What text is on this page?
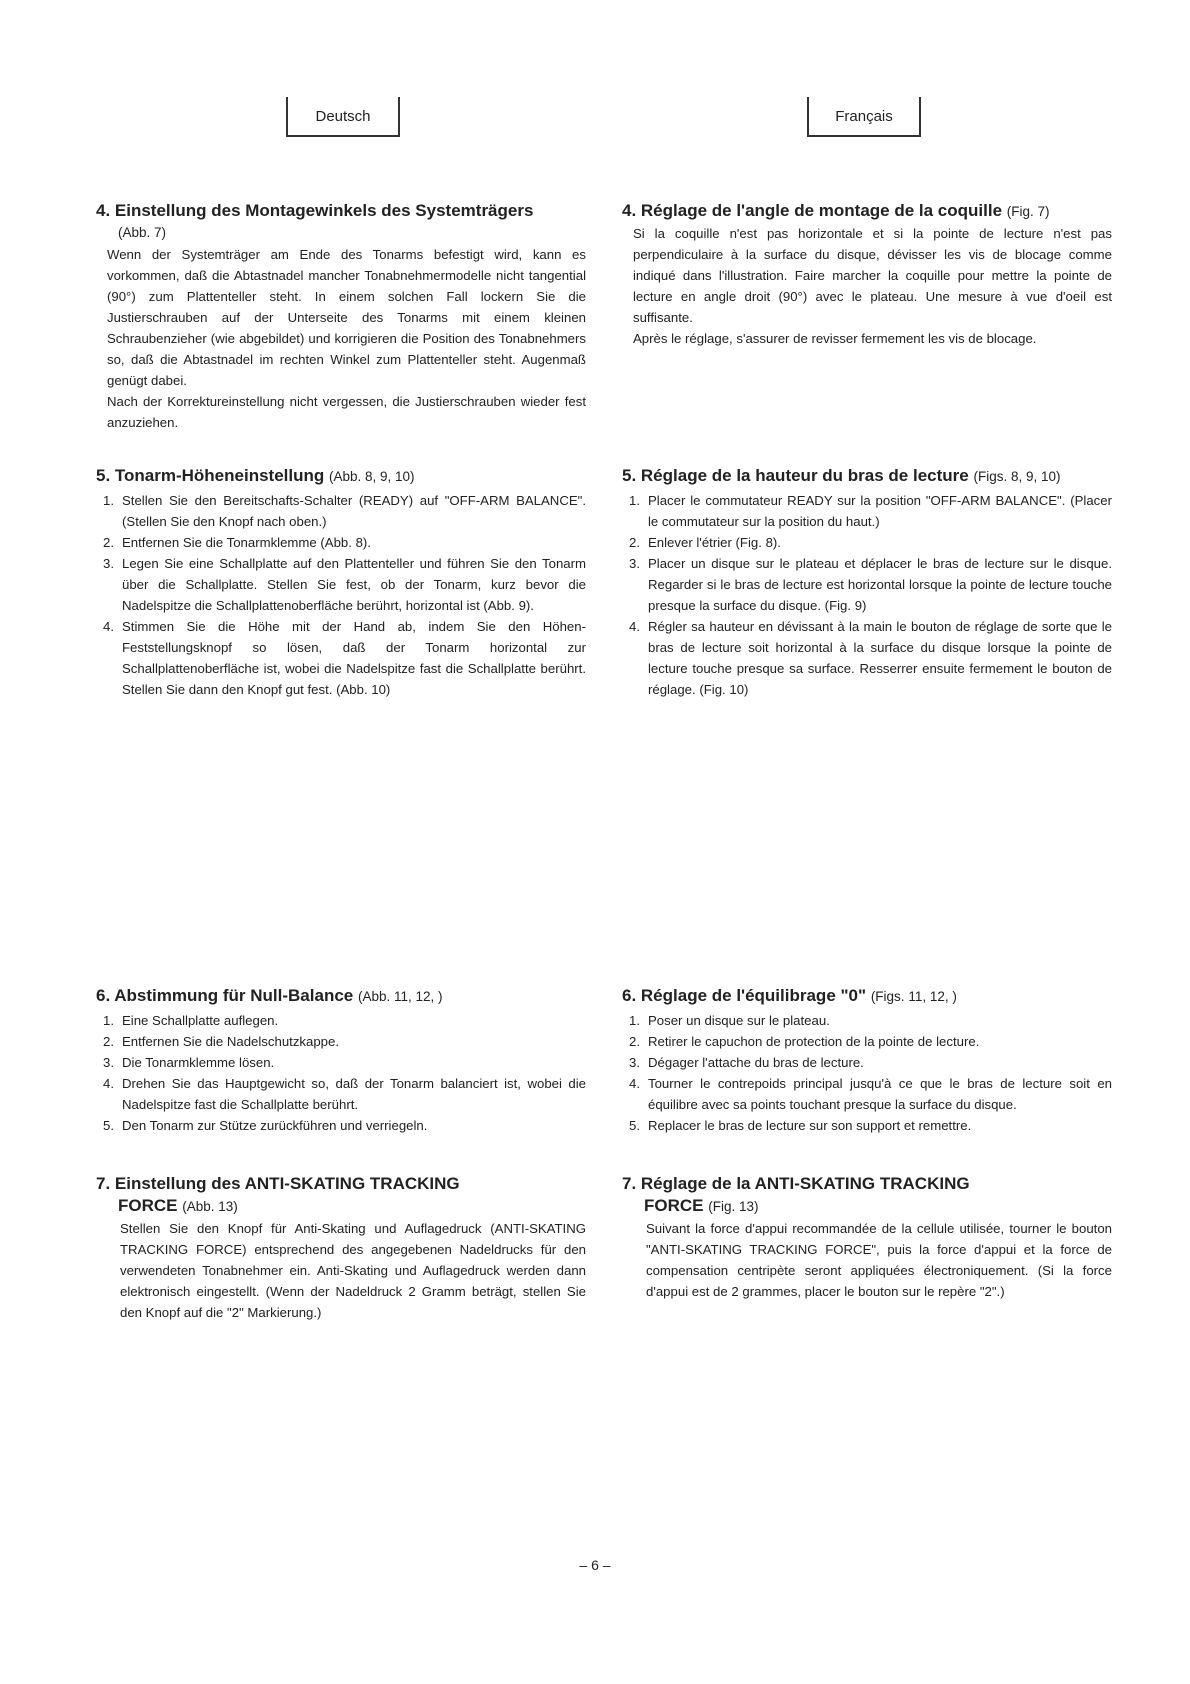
Deutsch	Français
4. Einstellung des Montagewinkels des Systemträgers
(Abb. 7)

Wenn der Systemträger am Ende des Tonarms befestigt wird, kann es vorkommen, daß die Abtastnadel mancher Tonabnehmermodelle nicht tangential (90°) zum Plattenteller steht. In einem solchen Fall lockern Sie die Justierschrauben auf der Unterseite des Tonarms mit einem kleinen Schraubenzieher (wie abgebildet) und korrigieren die Position des Tonabnehmers so, daß die Abtastnadel im rechten Winkel zum Plattenteller steht. Augenmaß genügt dabei.

Nach der Korrektureinstellung nicht vergessen, die Justierschrauben wieder fest anzuziehen.

5. Tonarm-Höheneinstellung (Abb. 8, 9, 10)
1. Stellen Sie den Bereitschafts-Schalter (READY) auf "OFF-ARM BALANCE". (Stellen Sie den Knopf nach oben.)
2. Entfernen Sie die Tonarmklemme (Abb. 8).
3. Legen Sie eine Schallplatte auf den Plattenteller und führen Sie den Tonarm über die Schallplatte. Stellen Sie fest, ob der Tonarm, kurz bevor die Nadelspitze die Schallplattenoberfläche berührt, horizontal ist (Abb. 9).
4. Stimmen Sie die Höhe mit der Hand ab, indem Sie den Höhen-Feststellungsknopf so lösen, daß der Tonarm horizontal zur Schallplattenoberfläche ist, wobei die Nadelspitze fast die Schallplatte berührt. Stellen Sie dann den Knopf gut fest. (Abb. 10)
6. Abstimmung für Null-Balance (Abb. 11, 12, )
1. Eine Schallplatte auflegen.
2. Entfernen Sie die Nadelschutzkappe.
3. Die Tonarmklemme lösen.
4. Drehen Sie das Hauptgewicht so, daß der Tonarm balanciert ist, wobei die Nadelspitze fast die Schallplatte berührt.
5. Den Tonarm zur Stütze zurückführen und verriegeln.
7. Einstellung des ANTI-SKATING TRACKING
FORCE (Abb. 13)

Stellen Sie den Knopf für Anti-Skating und Auflagedruck (ANTI-SKATING TRACKING FORCE) entsprechend des angegebenen Nadeldrucks für den verwendeten Tonabnehmer ein. Anti-Skating und Auflagedruck werden dann elektronisch eingestellt. (Wenn der Nadeldruck 2 Gramm beträgt, stellen Sie den Knopf auf die "2" Markierung.)

4. Réglage de l'angle de montage de la coquille (Fig. 7)

Si la coquille n'est pas horizontale et si la pointe de lecture n'est pas perpendiculaire à la surface du disque, dévisser les vis de blocage comme indiqué dans l'illustration. Faire marcher la coquille pour mettre la pointe de lecture en angle droit (90°) avec le plateau. Une mesure à vue d'oeil est suffisante.

Après le réglage, s'assurer de revisser fermement les vis de blocage.

5. Réglage de la hauteur du bras de lecture (Figs. 8, 9, 10)
1. Placer le commutateur READY sur la position "OFF-ARM BALANCE". (Placer le commutateur sur la position du haut.)
2. Enlever l'étrier (Fig. 8).
3. Placer un disque sur le plateau et déplacer le bras de lecture sur le disque. Regarder si le bras de lecture est horizontal lorsque la pointe de lecture touche presque la surface du disque. (Fig. 9)
4. Régler sa hauteur en dévissant à la main le bouton de réglage de sorte que le bras de lecture soit horizontal à la surface du disque lorsque la pointe de lecture touche presque sa surface. Resserrer ensuite fermement le bouton de réglage. (Fig. 10)
6. Réglage de l'équilibrage "0" (Figs. 11, 12, )
1. Poser un disque sur le plateau.
2. Retirer le capuchon de protection de la pointe de lecture.
3. Dégager l'attache du bras de lecture.
4. Tourner le contrepoids principal jusqu'à ce que le bras de lecture soit en équilibre avec sa points touchant presque la surface du disque.
5. Replacer le bras de lecture sur son support et remettre.
7. Réglage de la ANTI-SKATING TRACKING
FORCE (Fig. 13)

Suivant la force d'appui recommandée de la cellule utilisée, tourner le bouton "ANTI-SKATING TRACKING FORCE", puis la force d'appui et la force de compensation centripète seront appliquées électroniquement. (Si la force d'appui est de 2 grammes, placer le bouton sur le repère "2".)

– 6 –
